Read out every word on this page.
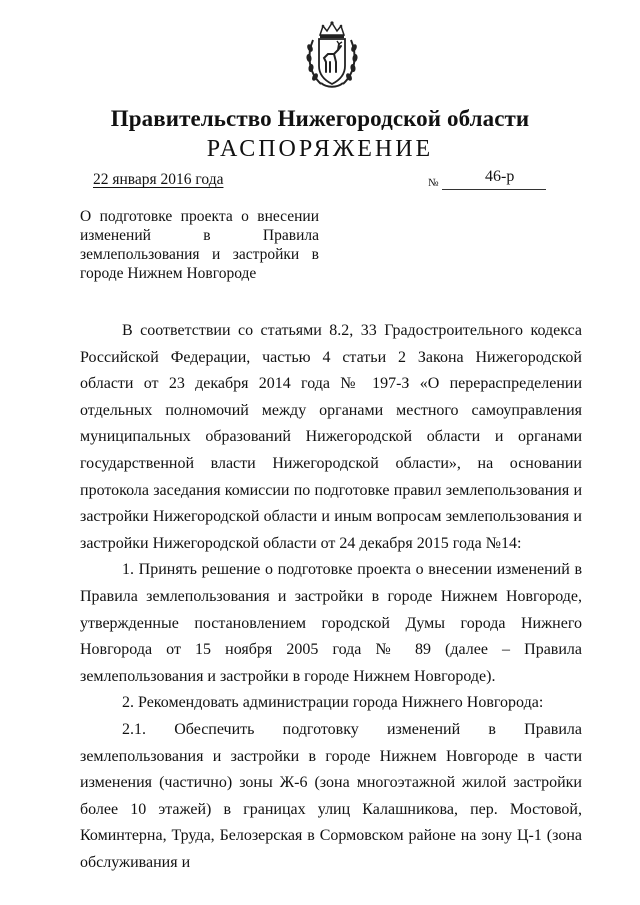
Правительство Нижегородской области
РАСПОРЯЖЕНИЕ
22 января 2016 года	№	46-р
О подготовке проекта о внесении изменений в Правила землепользования и застройки в городе Нижнем Новгороде

В соответствии со статьями 8.2, 33 Градостроительного кодекса Российской Федерации, частью 4 статьи 2 Закона Нижегородской области от 23 декабря 2014 года № 197-З «О перераспределении отдельных полномочий между органами местного самоуправления муниципальных образований Нижегородской области и органами государственной власти Нижегородской области», на основании протокола заседания комиссии по подготовке правил землепользования и застройки Нижегородской области и иным вопросам землепользования и застройки Нижегородской области от 24 декабря 2015 года №14:

1. Принять решение о подготовке проекта о внесении изменений в Правила землепользования и застройки в городе Нижнем Новгороде, утвержденные постановлением городской Думы города Нижнего Новгорода от 15 ноября 2005 года № 89 (далее – Правила землепользования и застройки в городе Нижнем Новгороде).

2. Рекомендовать администрации города Нижнего Новгорода:

2.1. Обеспечить подготовку изменений в Правила землепользования и застройки в городе Нижнем Новгороде в части изменения (частично) зоны Ж-6 (зона многоэтажной жилой застройки более 10 этажей) в границах улиц Калашникова, пер. Мостовой, Коминтерна, Труда, Белозерская в Сормовском районе на зону Ц-1 (зона обслуживания и
